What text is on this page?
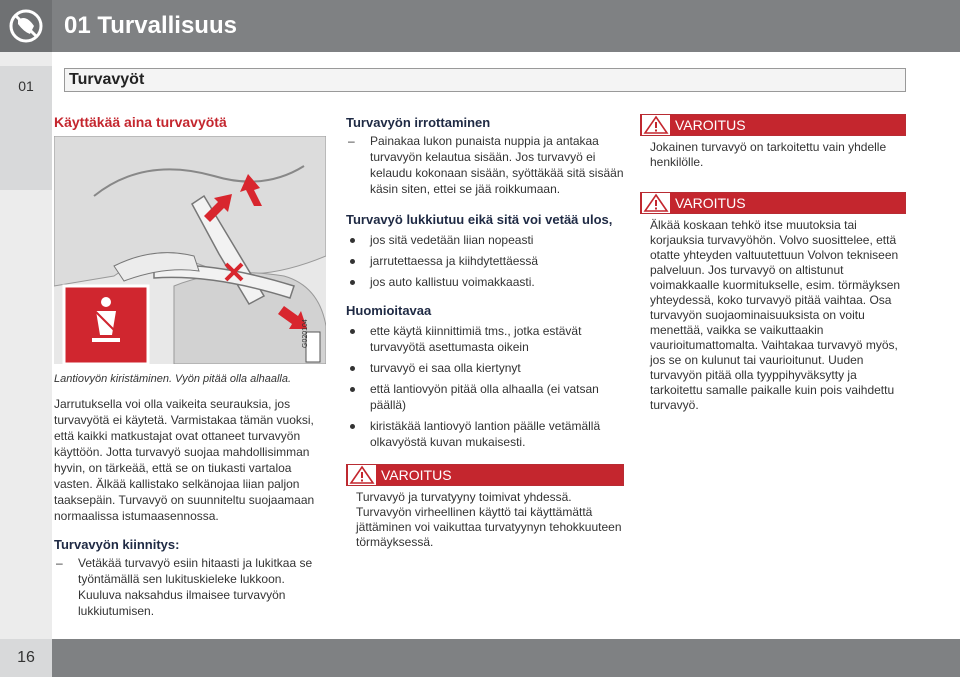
01 Turvallisuus
01	Turvavyöt
Käyttäkää aina turvavyötä
G020104
Lantiovyön kiristäminen. Vyön pitää olla alhaalla.

Jarrutuksella voi olla vaikeita seurauksia, jos turvavyötä ei käytetä. Varmistakaa tämän vuoksi, että kaikki matkustajat ovat ottaneet turvavyön käyttöön. Jotta turvavyö suojaa mahdollisimman hyvin, on tärkeää, että se on tiukasti vartaloa vasten. Älkää kallistako selkänojaa liian paljon taaksepäin. Turvavyö on suunniteltu suojaamaan normaalissa istumaasennossa.

Turvavyön kiinnitys:
– Vetäkää turvavyö esiin hitaasti ja lukitkaa se työntämällä sen lukituskieleke lukkoon. Kuuluva naksahdus ilmaisee turvavyön lukkiutumisen.
Turvavyön irrottaminen
– Painakaa lukon punaista nuppia ja antakaa turvavyön kelautua sisään. Jos turvavyö ei kelaudu kokonaan sisään, syöttäkää sitä sisään käsin siten, ettei se jää roikkumaan.
Turvavyö lukkiutuu eikä sitä voi vetää ulos,
jos sitä vedetään liian nopeasti
jarrutettaessa ja kiihdytettäessä
jos auto kallistuu voimakkaasti.
Huomioitavaa
ette käytä kiinnittimiä tms., jotka estävät turvavyötä asettumasta oikein
turvavyö ei saa olla kiertynyt
että lantiovyön pitää olla alhaalla (ei vatsan päällä)
kiristäkää lantiovyö lantion päälle vetämällä olkavyöstä kuvan mukaisesti.
VAROITUS
Turvavyö ja turvatyyny toimivat yhdessä. Turvavyön virheellinen käyttö tai käyttämättä jättäminen voi vaikuttaa turvatyynyn tehokkuuteen törmäyksessä.
VAROITUS
Jokainen turvavyö on tarkoitettu vain yhdelle henkilölle.
VAROITUS
Älkää koskaan tehkö itse muutoksia tai korjauksia turvavyöhön. Volvo suosittelee, että otatte yhteyden valtuutettuun Volvon tekniseen palveluun. Jos turvavyö on altistunut voimakkaalle kuormitukselle, esim. törmäyksen yhteydessä, koko turvavyö pitää vaihtaa. Osa turvavyön suojaominaisuuksista on voitu menettää, vaikka se vaikuttaakin vaurioitumattomalta. Vaihtakaa turvavyö myös, jos se on kulunut tai vaurioitunut. Uuden turvavyön pitää olla tyyppihyväksytty ja tarkoitettu samalle paikalle kuin pois vaihdettu turvavyö.
16
